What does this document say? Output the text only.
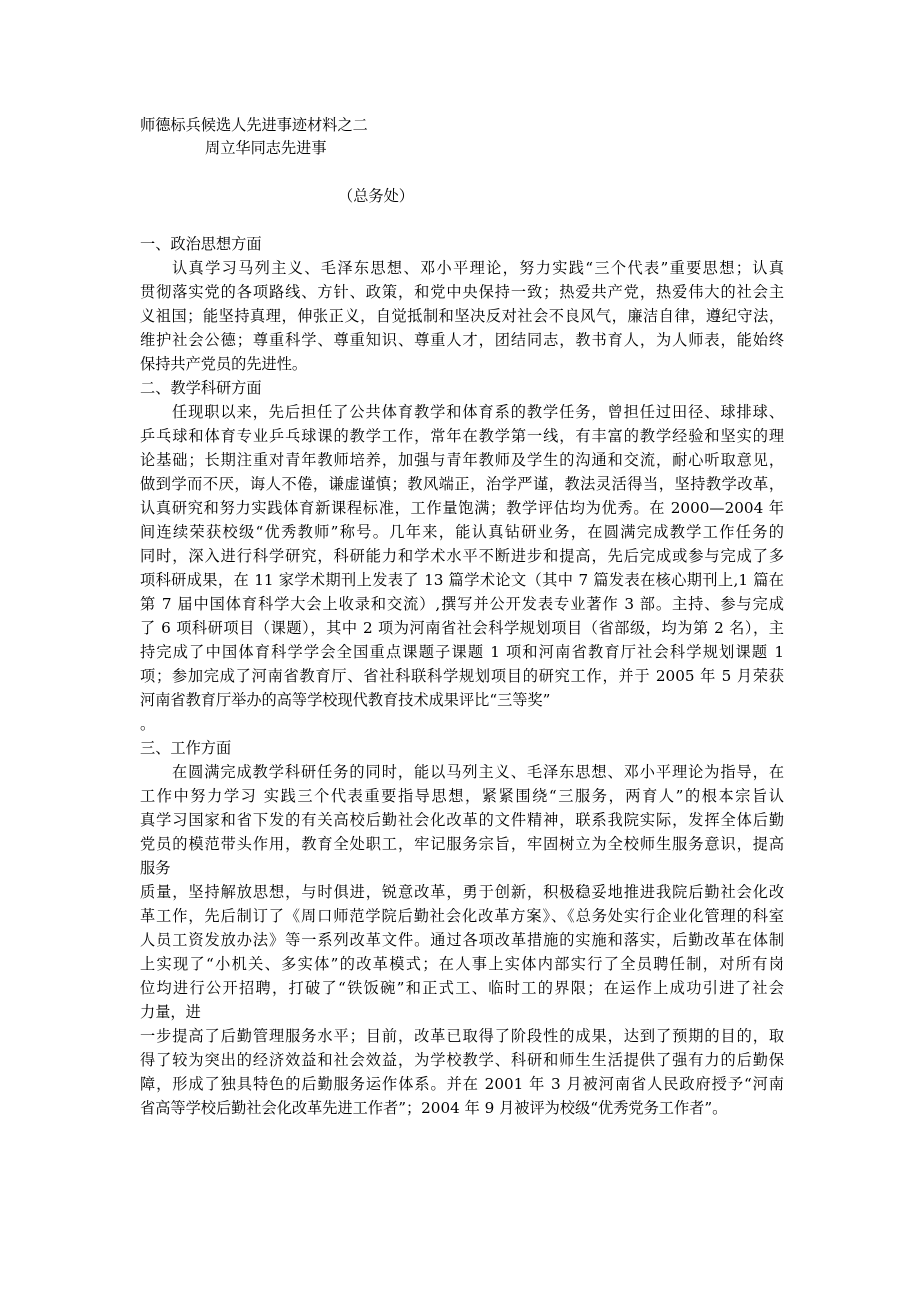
师德标兵候选人先进事迹材料之二
周立华同志先进事
（总务处）
一、政治思想方面
认真学习马列主义、毛泽东思想、邓小平理论，努力实践“三个代表”重要思想；认真
贯彻落实党的各项路线、方针、政策，和党中央保持一致；热爱共产党，热爱伟大的社会主
义祖国；能坚持真理，伸张正义，自觉抵制和坚决反对社会不良风气，廉洁自律，遵纪守法，
维护社会公德；尊重科学、尊重知识、尊重人才，团结同志，教书育人，为人师表，能始终
保持共产党员的先进性。
二、教学科研方面
任现职以来，先后担任了公共体育教学和体育系的教学任务，曾担任过田径、球排球、
乒乓球和体育专业乒乓球课的教学工作，常年在教学第一线，有丰富的教学经验和坚实的理
论基础；长期注重对青年教师培养，加强与青年教师及学生的沟通和交流，耐心听取意见，
做到学而不厌，诲人不倦，谦虚谨慎；教风端正，治学严谨，教法灵活得当，坚持教学改革，
认真研究和努力实践体育新课程标准，工作量饱满；教学评估均为优秀。在 2000—2004 年
间连续荣获校级“优秀教师”称号。几年来，能认真钻研业务，在圆满完成教学工作任务的
同时，深入进行科学研究，科研能力和学术水平不断进步和提高，先后完成或参与完成了多
项科研成果，在 11 家学术期刊上发表了 13 篇学术论文（其中 7 篇发表在核心期刊上,1 篇在
第 7 届中国体育科学大会上收录和交流）,撰写并公开发表专业著作 3 部。主持、参与完成
了 6 项科研项目（课题），其中 2 项为河南省社会科学规划项目（省部级，均为第 2 名），主
持完成了中国体育科学学会全国重点课题子课题 1 项和河南省教育厅社会科学规划课题 1
项；参加完成了河南省教育厅、省社科联科学规划项目的研究工作，并于 2005 年 5 月荣获
河南省教育厅举办的高等学校现代教育技术成果评比“三等奖”
。
三、工作方面
在圆满完成教学科研任务的同时，能以马列主义、毛泽东思想、邓小平理论为指导，在
工作中努力学习 实践三个代表重要指导思想，紧紧围绕“三服务，两育人”的根本宗旨认
真学习国家和省下发的有关高校后勤社会化改革的文件精神，联系我院实际，发挥全体后勤
党员的模范带头作用，教育全处职工，牢记服务宗旨，牢固树立为全校师生服务意识，提高
服务
质量，坚持解放思想，与时俱进，锐意改革，勇于创新，积极稳妥地推进我院后勤社会化改
革工作，先后制订了《周口师范学院后勤社会化改革方案》、《总务处实行企业化管理的科室
人员工资发放办法》等一系列改革文件。通过各项改革措施的实施和落实，后勤改革在体制
上实现了“小机关、多实体”的改革模式；在人事上实体内部实行了全员聘任制，对所有岗
位均进行公开招聘，打破了“铁饭碗”和正式工、临时工的界限；在运作上成功引进了社会
力量，进
一步提高了后勤管理服务水平；目前，改革已取得了阶段性的成果，达到了预期的目的，取
得了较为突出的经济效益和社会效益，为学校教学、科研和师生生活提供了强有力的后勤保
障，形成了独具特色的后勤服务运作体系。并在 2001 年 3 月被河南省人民政府授予“河南
省高等学校后勤社会化改革先进工作者”；2004 年 9 月被评为校级“优秀党务工作者”。
